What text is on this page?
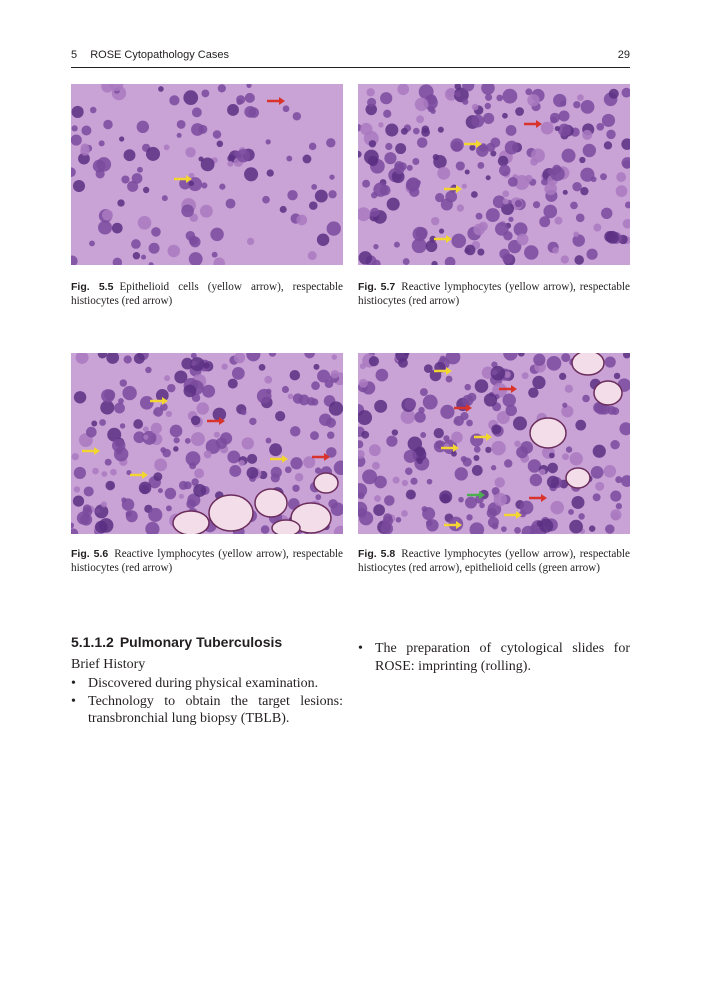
5 ROSE Cytopathology Cases	29
Fig. 5.5 Epithelioid cells (yellow arrow), respectable histiocytes (red arrow)
Fig. 5.7 Reactive lymphocytes (yellow arrow), respectable histiocytes (red arrow)
Fig. 5.6 Reactive lymphocytes (yellow arrow), respectable histiocytes (red arrow)
Fig. 5.8 Reactive lymphocytes (yellow arrow), respectable histiocytes (red arrow), epithelioid cells (green arrow)
5.1.1.2 Pulmonary Tuberculosis
Brief History
• Discovered during physical examination.
• Technology to obtain the target lesions: transbronchial lung biopsy (TBLB).
• The preparation of cytological slides for ROSE: imprinting (rolling).
